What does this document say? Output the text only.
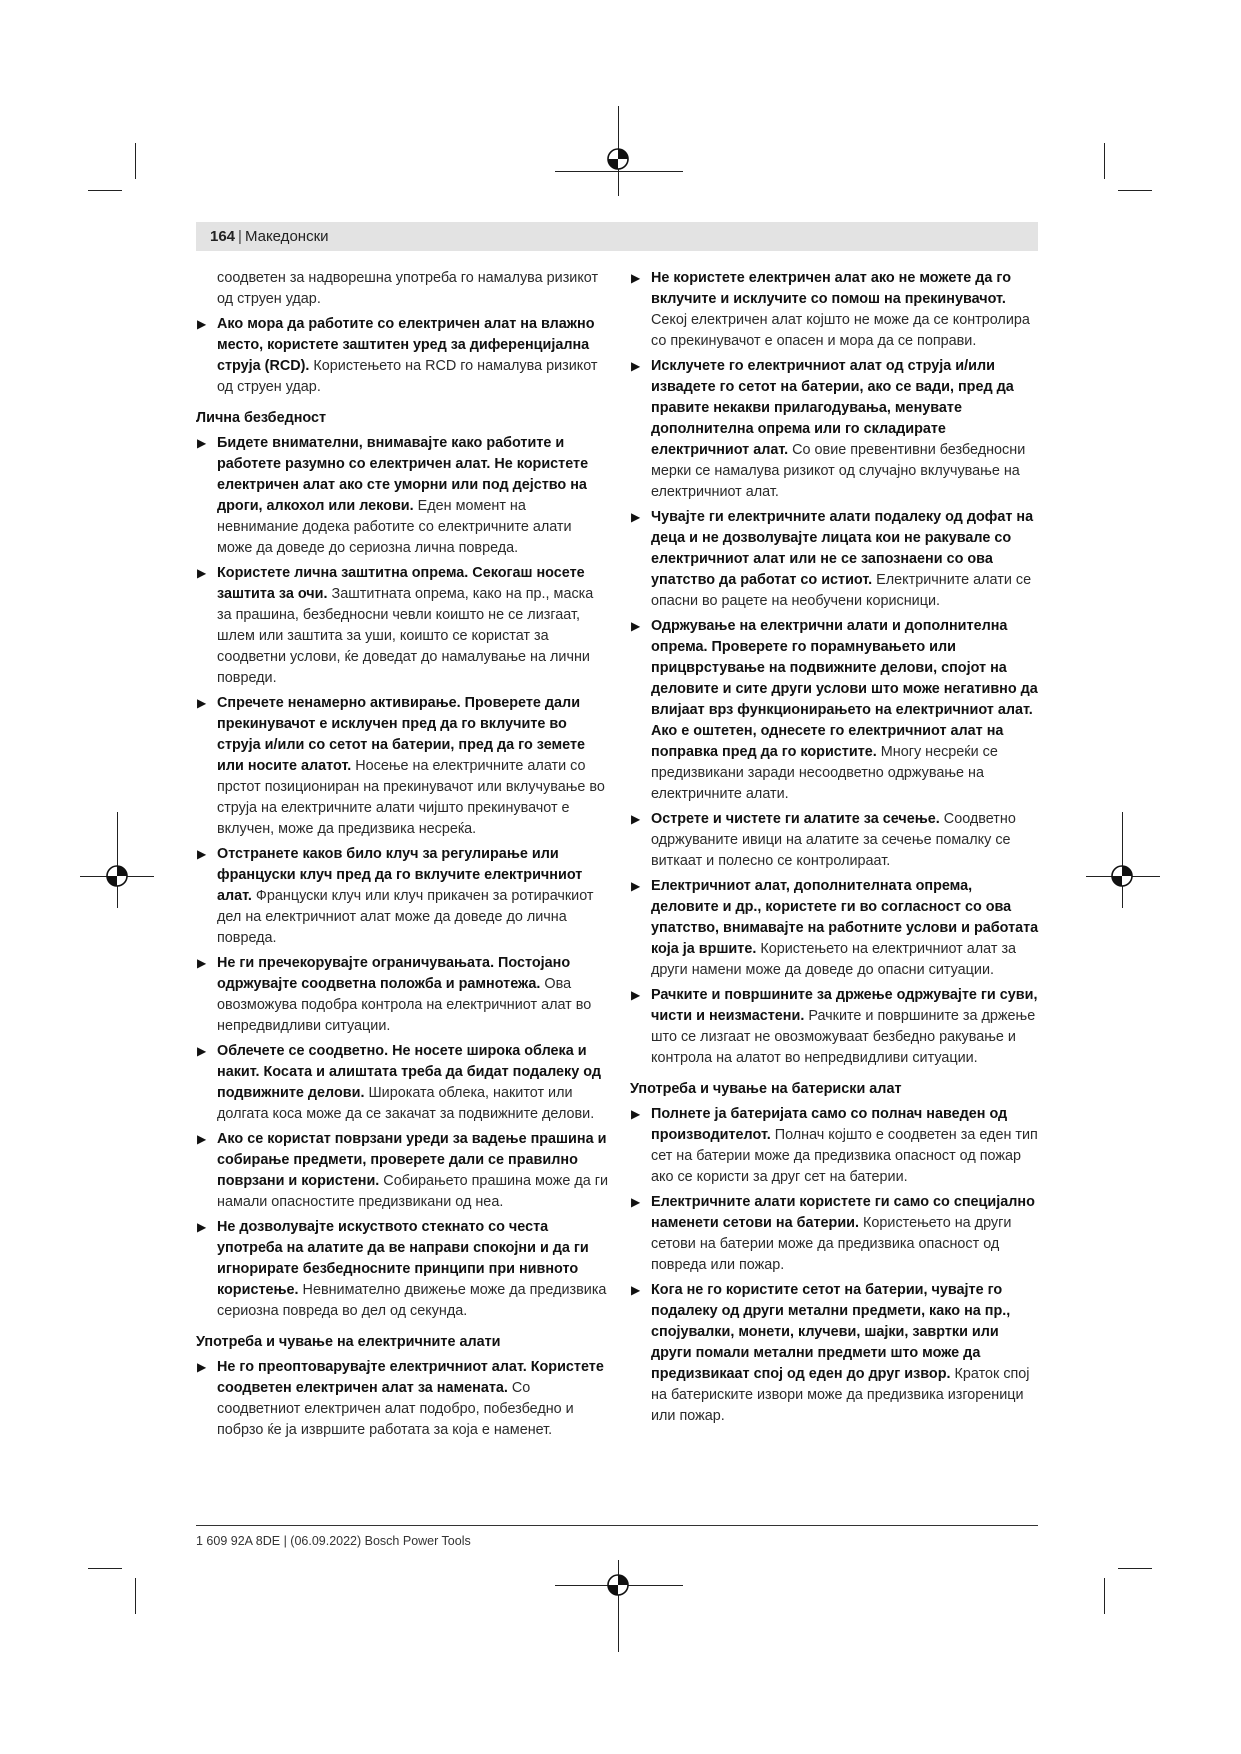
164 | Македонски
соодветен за надворешна употреба го намалува ризикот од струен удар.
▶ Ако мора да работите со електричен алат на влажно место, користете заштитен уред за диференцијална струја (RCD). Користењето на RCD го намалува ризикот од струен удар.
Лична безбедност
▶ Бидете внимателни, внимавајте како работите и работете разумно со електричен алат. Не користете електричен алат ако сте уморни или под дејство на дроги, алкохол или лекови. Еден момент на невнимание додека работите со електричните алати може да доведе до сериозна лична повреда.
▶ Користете лична заштитна опрема. Секогаш носете заштита за очи. Заштитната опрема, како на пр., маска за прашина, безбедносни чевли коишто не се лизгаат, шлем или заштита за уши, коишто се користат за соодветни услови, ќе доведат до намалување на лични повреди.
▶ Спречете ненамерно активирање. Проверете дали прекинувачот е исклучен пред да го вклучите во струја и/или со сетот на батерии, пред да го земете или носите алатот. Носење на електричните алати со прстот позициониран на прекинувачот или вклучување во струја на електричните алати чијшто прекинувачот е вклучен, може да предизвика несреќа.
▶ Отстранете каков било клуч за регулирање или француски клуч пред да го вклучите електричниот алат. Француски клуч или клуч прикачен за ротирачкиот дел на електричниот алат може да доведе до лична повреда.
▶ Не ги пречекорувајте ограничувањата. Постојано одржувајте соодветна положба и рамнотежа. Ова овозможува подобра контрола на електричниот алат во непредвидливи ситуации.
▶ Облечете се соодветно. Не носете широка облека и накит. Косата и алиштата треба да бидат подалеку од подвижните делови. Широката облека, накитот или долгата коса може да се закачат за подвижните делови.
▶ Ако се користат поврзани уреди за вадење прашина и собирање предмети, проверете дали се правилно поврзани и користени. Собирањето прашина може да ги намали опасностите предизвикани од неа.
▶ Не дозволувајте искуството стекнато со честа употреба на алатите да ве направи спокојни и да ги игнорирате безбедносните принципи при нивното користење. Невнимателно движење може да предизвика сериозна повреда во дел од секунда.
Употреба и чување на електричните алати
▶ Не го преоптоварувајте електричниот алат. Користете соодветен електричен алат за намената. Со соодветниот електричен алат подобро, побезбедно и побрзо ќе ја извршите работата за која е наменет.
▶ Не користете електричен алат ако не можете да го вклучите и исклучите со помош на прекинувачот. Секој електричен алат којшто не може да се контролира со прекинувачот е опасен и мора да се поправи.
▶ Исклучете го електричниот алат од струја и/или извадете го сетот на батерии, ако се вади, пред да правите некакви прилагодувања, менувате дополнителна опрема или го складирате електричниот алат. Со овие превентивни безбедносни мерки се намалува ризикот од случајно вклучување на електричниот алат.
▶ Чувајте ги електричните алати подалеку од дофат на деца и не дозволувајте лицата кои не ракувале со електричниот алат или не се запознаени со ова упатство да работат со истиот. Електричните алати се опасни во рацете на необучени корисници.
▶ Одржување на електрични алати и дополнителна опрема. Проверете го порамнувањето или прицврстување на подвижните делови, спојот на деловите и сите други услови што може негативно да влијаат врз функционирањето на електричниот алат. Ако е оштетен, однесете го електричниот алат на поправка пред да го користите. Многу несреќи се предизвикани заради несоодветно одржување на електричните алати.
▶ Острете и чистете ги алатите за сечење. Соодветно одржуваните ивици на алатите за сечење помалку се виткаат и полесно се контролираат.
▶ Електричниот алат, дополнителната опрема, деловите и др., користете ги во согласност со ова упатство, внимавајте на работните услови и работата која ја вршите. Користењето на електричниот алат за други намени може да доведе до опасни ситуации.
▶ Рачките и површините за држење одржувајте ги суви, чисти и неизмастени. Рачките и површините за држење што се лизгаат не овозможуваат безбедно ракување и контрола на алатот во непредвидливи ситуации.
Употреба и чување на батериски алат
▶ Полнете ја батеријата само со полнач наведен од производителот. Полнач којшто е соодветен за еден тип сет на батерии може да предизвика опасност од пожар ако се користи за друг сет на батерии.
▶ Електричните алати користете ги само со специјално наменети сетови на батерии. Користењето на други сетови на батерии може да предизвика опасност од повреда или пожар.
▶ Кога не го користите сетот на батерии, чувајте го подалеку од други метални предмети, како на пр., спојувалки, монети, клучеви, шајки, завртки или други помали метални предмети што може да предизвикаат спој од еден до друг извор. Краток спој на батериските извори може да предизвика изгореници или пожар.
1 609 92A 8DE | (06.09.2022) Bosch Power Tools
